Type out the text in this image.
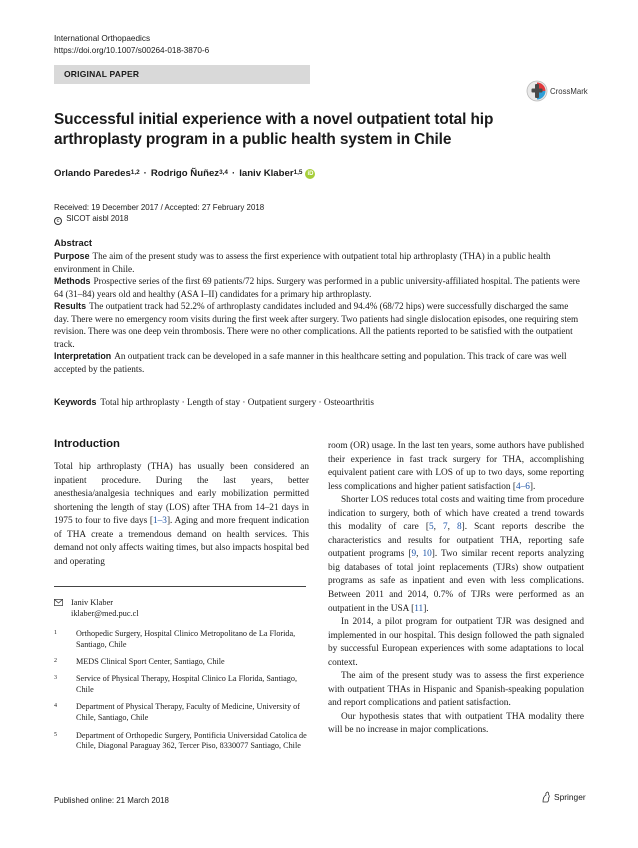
International Orthopaedics
https://doi.org/10.1007/s00264-018-3870-6
ORIGINAL PAPER
CrossMark
Successful initial experience with a novel outpatient total hip arthroplasty program in a public health system in Chile
Orlando Paredes$^{1,2}$ · Rodrigo Ñuñez$^{3,4}$ · Ianiv Klaber$^{1,5}$ iD
Received: 19 December 2017 / Accepted: 27 February 2018
c SICOT aisbl 2018
Abstract

Purpose The aim of the present study was to assess the first experience with outpatient total hip arthroplasty (THA) in a public health environment in Chile.

Methods Prospective series of the first 69 patients/72 hips. Surgery was performed in a public university-affiliated hospital. The patients were 64 (31–84) years old and healthy (ASA I–II) candidates for a primary hip arthroplasty.

Results The outpatient track had 52.2% of arthroplasty candidates included and 94.4% (68/72 hips) were successfully discharged the same day. There were no emergency room visits during the first week after surgery. Two patients had single dislocation episodes, one requiring stem revision. There was one deep vein thrombosis. There were no other complications. All the patients reported to be satisfied with the outpatient track.

Interpretation An outpatient track can be developed in a safe manner in this healthcare setting and population. This track of care was well accepted by the patients.

Keywords Total hip arthroplasty · Length of stay · Outpatient surgery · Osteoarthritis
Introduction

Total hip arthroplasty (THA) has usually been considered an inpatient procedure. During the last years, better anesthesia/analgesia techniques and early mobilization permitted shortening the length of stay (LOS) after THA from 14–21 days in 1975 to four to five days [1–3]. Aging and more frequent indication of THA create a tremendous demand on health services. This demand not only affects waiting times, but also impacts hospital bed and operating

room (OR) usage. In the last ten years, some authors have published their experience in fast track surgery for THA, accomplishing equivalent patient care with LOS of up to two days, some reporting less complications and higher patient satisfaction [4–6].

Shorter LOS reduces total costs and waiting time from procedure indication to surgery, both of which have created a trend towards this modality of care [5, 7, 8]. Scant reports describe the characteristics and results for outpatient THA, reporting safe outpatient programs [9, 10]. Two similar recent reports analyzing big databases of total joint replacements (TJRs) show outpatient programs as safe as inpatient and even with less complications. Between 2011 and 2014, 0.7% of TJRs were performed as an outpatient in the USA [11].

In 2014, a pilot program for outpatient TJR was designed and implemented in our hospital. This design followed the path signaled by successful European experiences with some adaptations to local context.

The aim of the present study was to assess the first experience with outpatient THAs in Hispanic and Spanish-speaking population and report complications and patient satisfaction.

Our hypothesis states that with outpatient THA modality there will be no increase in major complications.

Ianiv Klaber
iklaber@med.puc.cl
1	Orthopedic Surgery, Hospital Clinico Metropolitano de La Florida, Santiago, Chile
2	MEDS Clinical Sport Center, Santiago, Chile
3	Service of Physical Therapy, Hospital Clinico La Florida, Santiago, Chile
4	Department of Physical Therapy, Faculty of Medicine, University of Chile, Santiago, Chile
5	Department of Orthopedic Surgery, Pontificia Universidad Catolica de Chile, Diagonal Paraguay 362, Tercer Piso, 8330077 Santiago, Chile
Published online: 21 March 2018	Springer
